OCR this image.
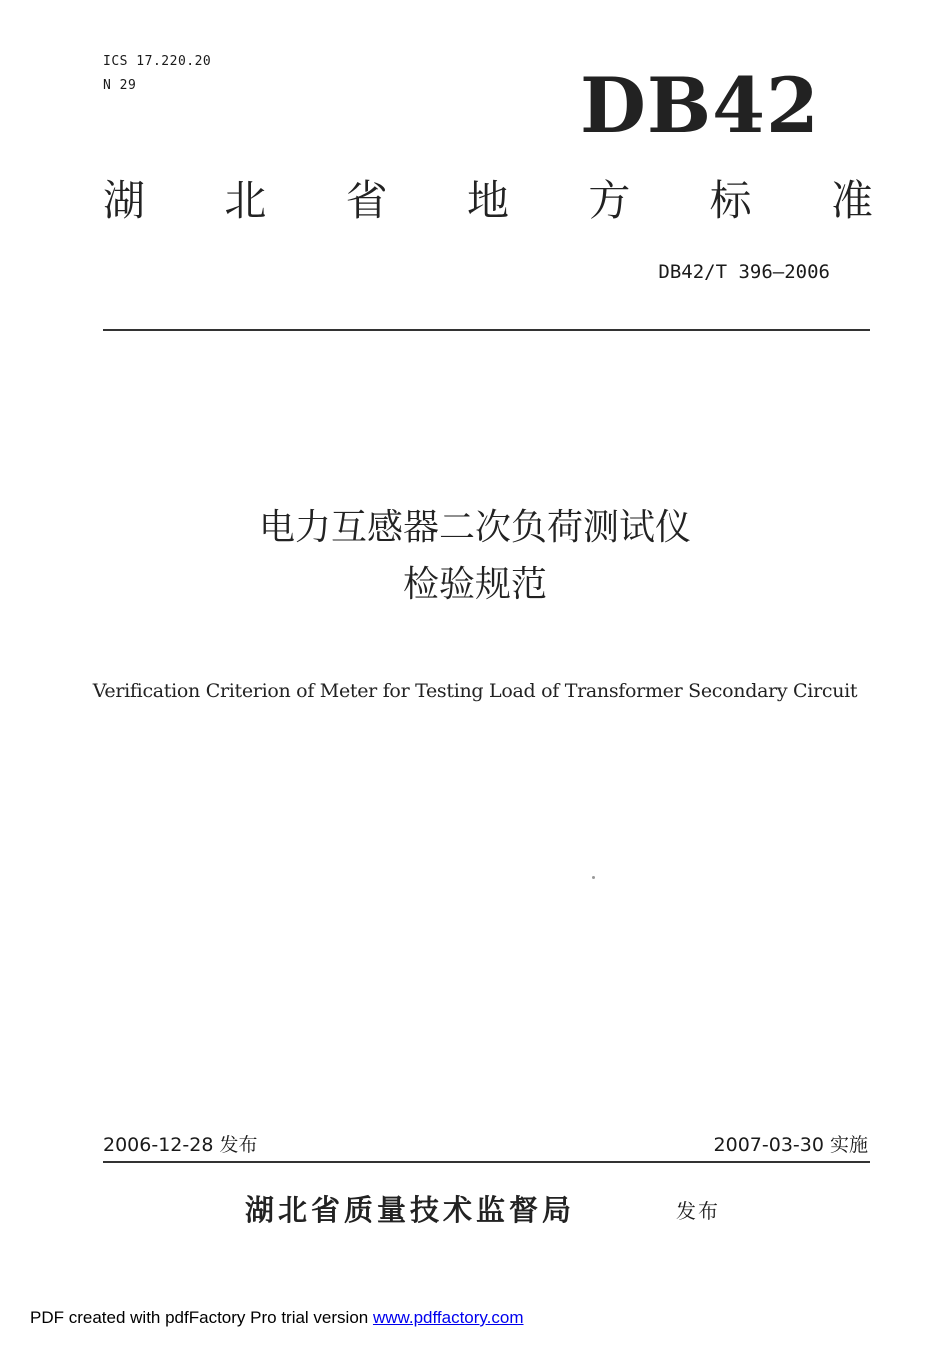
ICS 17.220.20
N 29	DB42
湖 北 省 地 方 标 准
DB42/T 396—2006
电力互感器二次负荷测试仪
检验规范
Verification Criterion of Meter for Testing Load of Transformer Secondary Circuit
2006-12-28 发布	2007-03-30 实施
湖北省质量技术监督局	发布
PDF created with pdfFactory Pro trial version www.pdffactory.com
